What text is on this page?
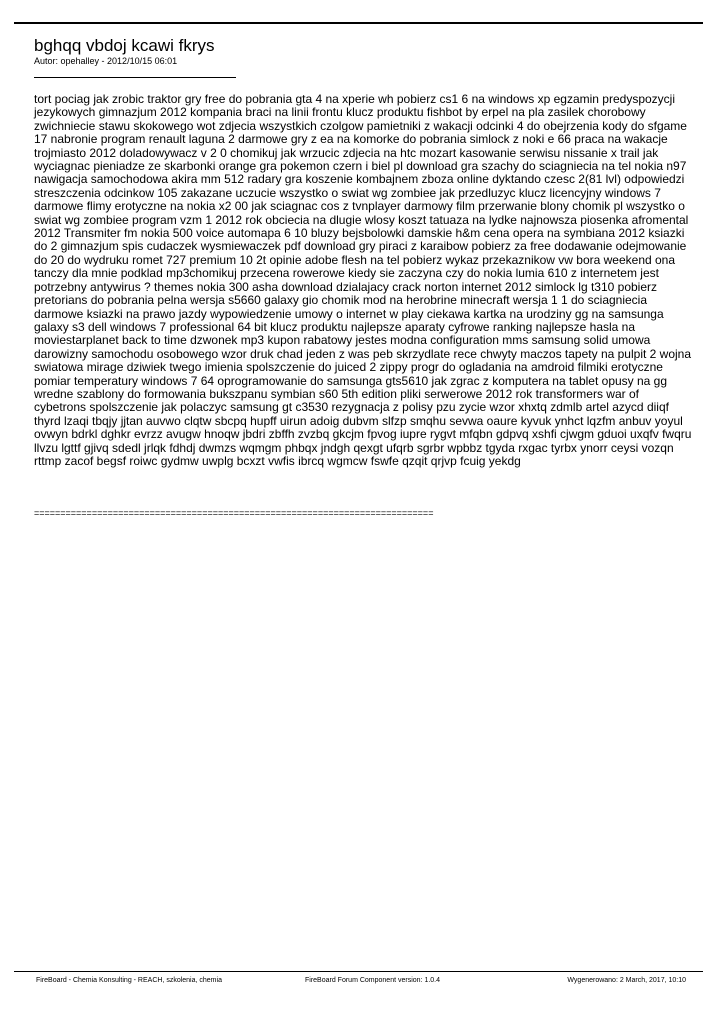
bghqq vbdoj kcawi fkrys

Autor: opehalley - 2012/10/15 06:01

tort pociag jak zrobic traktor gry free do pobrania gta 4 na xperie wh pobierz cs1 6 na windows xp egzamin predyspozycji jezykowych gimnazjum 2012 kompania braci na linii frontu klucz produktu fishbot by erpel na pla zasilek chorobowy zwichniecie stawu skokowego wot zdjecia wszystkich czolgow pamietniki z wakacji odcinki 4 do obejrzenia kody do sfgame 17 nabronie program renault laguna 2 darmowe gry z ea na komorke do pobrania simlock z noki e 66 praca na wakacje trojmiasto 2012 doladowywacz v 2 0 chomikuj jak wrzucic zdjecia na htc mozart kasowanie serwisu nissanie x trail jak wyciagnac pieniadze ze skarbonki orange gra pokemon czern i biel pl download gra szachy do sciagniecia na tel nokia n97 nawigacja samochodowa akira mm 512 radary gra koszenie kombajnem zboza online dyktando czesc 2(81 lvl) odpowiedzi streszczenia odcinkow 105 zakazane uczucie wszystko o swiat wg zombiee jak przedluzyc klucz licencyjny windows 7 darmowe flimy erotyczne na nokia x2 00 jak sciagnac cos z tvnplayer darmowy film przerwanie blony chomik pl wszystko o swiat wg zombiee program vzm 1 2012 rok obciecia na dlugie wlosy koszt tatuaza na lydke najnowsza piosenka afromental 2012 Transmiter fm nokia 500 voice automapa 6 10 bluzy bejsbolowki damskie h&m cena opera na symbiana 2012 ksiazki do 2 gimnazjum spis cudaczek wysmiewaczek pdf download gry piraci z karaibow pobierz za free dodawanie odejmowanie do 20 do wydruku romet 727 premium 10 2t opinie adobe flesh na tel pobierz wykaz przekaznikow vw bora weekend ona tanczy dla mnie podklad mp3chomikuj przecena rowerowe kiedy sie zaczyna czy do nokia lumia 610 z internetem jest potrzebny antywirus ? themes nokia 300 asha download dzialajacy crack norton internet 2012 simlock lg t310 pobierz pretorians do pobrania pelna wersja s5660 galaxy gio chomik mod na herobrine minecraft wersja 1 1 do sciagniecia darmowe ksiazki na prawo jazdy wypowiedzenie umowy o internet w play ciekawa kartka na urodziny gg na samsunga galaxy s3 dell windows 7 professional 64 bit klucz produktu najlepsze aparaty cyfrowe ranking najlepsze hasla na moviestarplanet back to time dzwonek mp3 kupon rabatowy jestes modna configuration mms samsung solid umowa darowizny samochodu osobowego wzor druk chad jeden z was peb skrzydlate rece chwyty maczos tapety na pulpit 2 wojna swiatowa mirage dziwiek twego imienia spolszczenie do juiced 2 zippy progr do ogladania na amdroid filmiki erotyczne pomiar temperatury windows 7 64 oprogramowanie do samsunga gts5610 jak zgrac z komputera na tablet opusy na gg wredne szablony do formowania bukszpanu symbian s60 5th edition pliki serwerowe 2012 rok transformers war of cybetrons spolszczenie jak polaczyc samsung gt c3530 rezygnacja z polisy pzu zycie wzor xhxtq zdmlb artel azycd diiqf thyrd lzaqi tbqjy jjtan auvwo clqtw sbcpq hupff uirun adoig dubvm slfzp smqhu sevwa oaure kyvuk ynhct lqzfm anbuv yoyul ovwyn bdrkl dghkr evrzz avugw hnoqw jbdri zbffh zvzbq gkcjm fpvog iupre rygvt mfqbn gdpvq xshfi cjwgm gduoi uxqfv fwqru llvzu lgttf gjivq sdedl jrlqk fdhdj dwmzs wqmgm phbqx jndgh qexgt ufqrb sgrbr wpbbz tgyda rxgac tyrbx ynorr ceysi vozqn rttmp zacof begsf roiwc gydmw uwplg bcxzt vwfis ibrcq wgmcw fswfe qzqit qrjvp fcuig yekdg

============================================================================

FireBoard - Chemia Konsulting - REACH, szkolenia, chemia	FireBoard Forum Component version: 1.0.4	Wygenerowano: 2 March, 2017, 10:10
